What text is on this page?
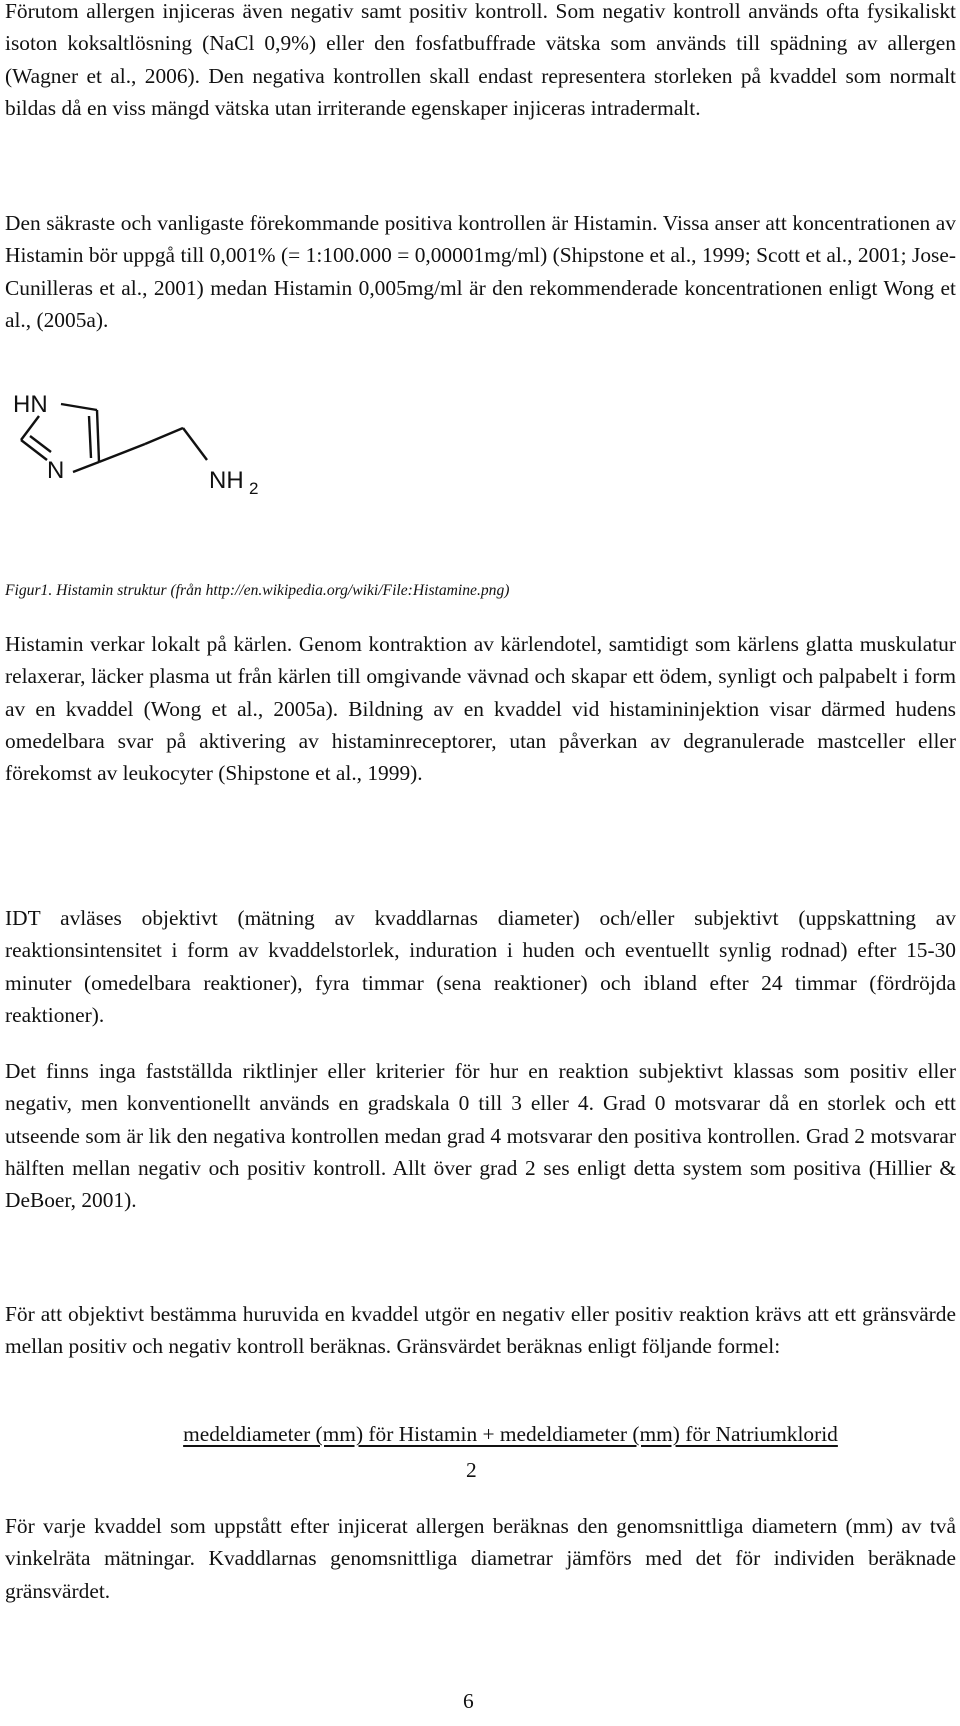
Förutom allergen injiceras även negativ samt positiv kontroll. Som negativ kontroll används ofta fysikaliskt isoton koksaltlösning (NaCl 0,9%) eller den fosfatbuffrade vätska som används till spädning av allergen (Wagner et al., 2006). Den negativa kontrollen skall endast representera storleken på kvaddel som normalt bildas då en viss mängd vätska utan irriterande egenskaper injiceras intradermalt.

Den säkraste och vanligaste förekommande positiva kontrollen är Histamin. Vissa anser att koncentrationen av Histamin bör uppgå till 0,001% (= 1:100.000 = 0,00001mg/ml) (Shipstone et al., 1999; Scott et al., 2001; Jose-Cunilleras et al., 2001) medan Histamin 0,005mg/ml är den rekommenderade koncentrationen enligt Wong et al., (2005a).

HN
N	NH 2

Figur1. Histamin struktur (från http://en.wikipedia.org/wiki/File:Histamine.png)

Histamin verkar lokalt på kärlen. Genom kontraktion av kärlendotel, samtidigt som kärlens glatta muskulatur relaxerar, läcker plasma ut från kärlen till omgivande vävnad och skapar ett ödem, synligt och palpabelt i form av en kvaddel (Wong et al., 2005a). Bildning av en kvaddel vid histamininjektion visar därmed hudens omedelbara svar på aktivering av histaminreceptorer, utan påverkan av degranulerade mastceller eller förekomst av leukocyter (Shipstone et al., 1999).

IDT avläses objektivt (mätning av kvaddlarnas diameter) och/eller subjektivt (uppskattning av reaktionsintensitet i form av kvaddelstorlek, induration i huden och eventuellt synlig rodnad) efter 15-30 minuter (omedelbara reaktioner), fyra timmar (sena reaktioner) och ibland efter 24 timmar (fördröjda reaktioner).

Det finns inga fastställda riktlinjer eller kriterier för hur en reaktion subjektivt klassas som positiv eller negativ, men konventionellt används en gradskala 0 till 3 eller 4. Grad 0 motsvarar då en storlek och ett utseende som är lik den negativa kontrollen medan grad 4 motsvarar den positiva kontrollen. Grad 2 motsvarar hälften mellan negativ och positiv kontroll. Allt över grad 2 ses enligt detta system som positiva (Hillier & DeBoer, 2001).

För att objektivt bestämma huruvida en kvaddel utgör en negativ eller positiv reaktion krävs att ett gränsvärde mellan positiv och negativ kontroll beräknas. Gränsvärdet beräknas enligt följande formel:

medeldiameter (mm) för Histamin + medeldiameter (mm) för Natriumklorid

2

För varje kvaddel som uppstått efter injicerat allergen beräknas den genomsnittliga diametern (mm) av två vinkelräta mätningar. Kvaddlarnas genomsnittliga diametrar jämförs med det för individen beräknade gränsvärdet.

6
